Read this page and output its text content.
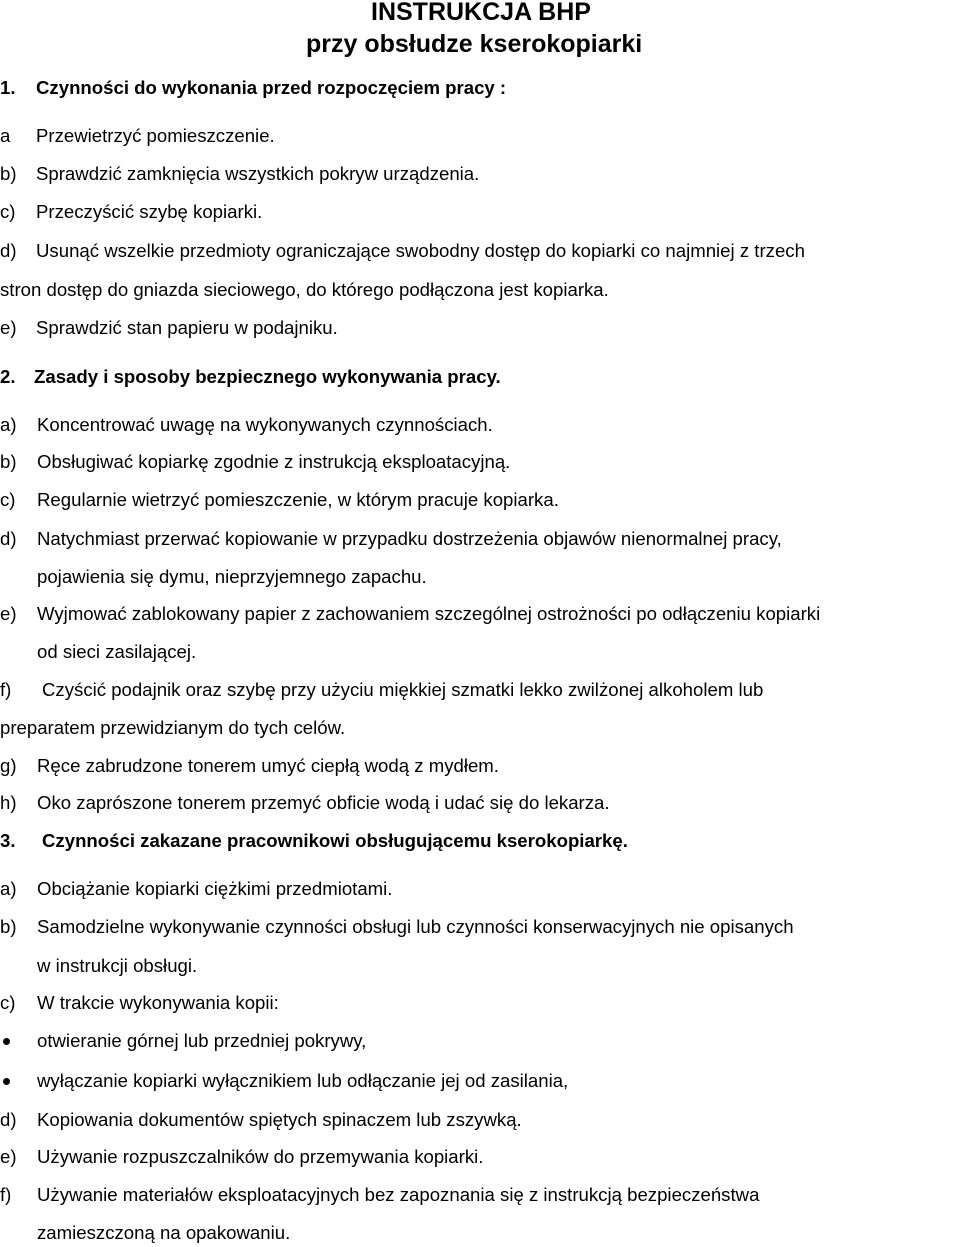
INSTRUKCJA BHP
przy obsłudze kserokopiarki
1. Czynności do wykonania przed rozpoczęciem pracy :
a Przewietrzyć pomieszczenie.
b) Sprawdzić zamknięcia wszystkich pokryw urządzenia.
c) Przeczyścić szybę kopiarki.
d) Usunąć wszelkie przedmioty ograniczające swobodny dostęp do kopiarki co najmniej z trzech
stron dostęp do gniazda sieciowego, do którego podłączona jest kopiarka.
e) Sprawdzić stan papieru w podajniku.
2. Zasady i sposoby bezpiecznego wykonywania pracy.
a) Koncentrować uwagę na wykonywanych czynnościach.
b) Obsługiwać kopiarkę zgodnie z instrukcją eksploatacyjną.
c) Regularnie wietrzyć pomieszczenie, w którym pracuje kopiarka.
d) Natychmiast przerwać kopiowanie w przypadku dostrzeżenia objawów nienormalnej pracy,
pojawienia się dymu, nieprzyjemnego zapachu.
e) Wyjmować zablokowany papier z zachowaniem szczególnej ostrożności po odłączeniu kopiarki
od sieci zasilającej.
f) Czyścić podajnik oraz szybę przy użyciu miękkiej szmatki lekko zwilżonej alkoholem lub
preparatem przewidzianym do tych celów.
g) Ręce zabrudzone tonerem umyć ciepłą wodą z mydłem.
h) Oko zaprószone tonerem przemyć obficie wodą i udać się do lekarza.
3. Czynności zakazane pracownikowi obsługującemu kserokopiarkę.
a) Obciążanie kopiarki ciężkimi przedmiotami.
b) Samodzielne wykonywanie czynności obsługi lub czynności konserwacyjnych nie opisanych
w instrukcji obsługi.
c) W trakcie wykonywania kopii:
otwieranie górnej lub przedniej pokrywy,
wyłączanie kopiarki wyłącznikiem lub odłączanie jej od zasilania,
d) Kopiowania dokumentów spiętych spinaczem lub zszywką.
e) Używanie rozpuszczalników do przemywania kopiarki.
f) Używanie materiałów eksploatacyjnych bez zapoznania się z instrukcją bezpieczeństwa
zamieszczoną na opakowaniu.
